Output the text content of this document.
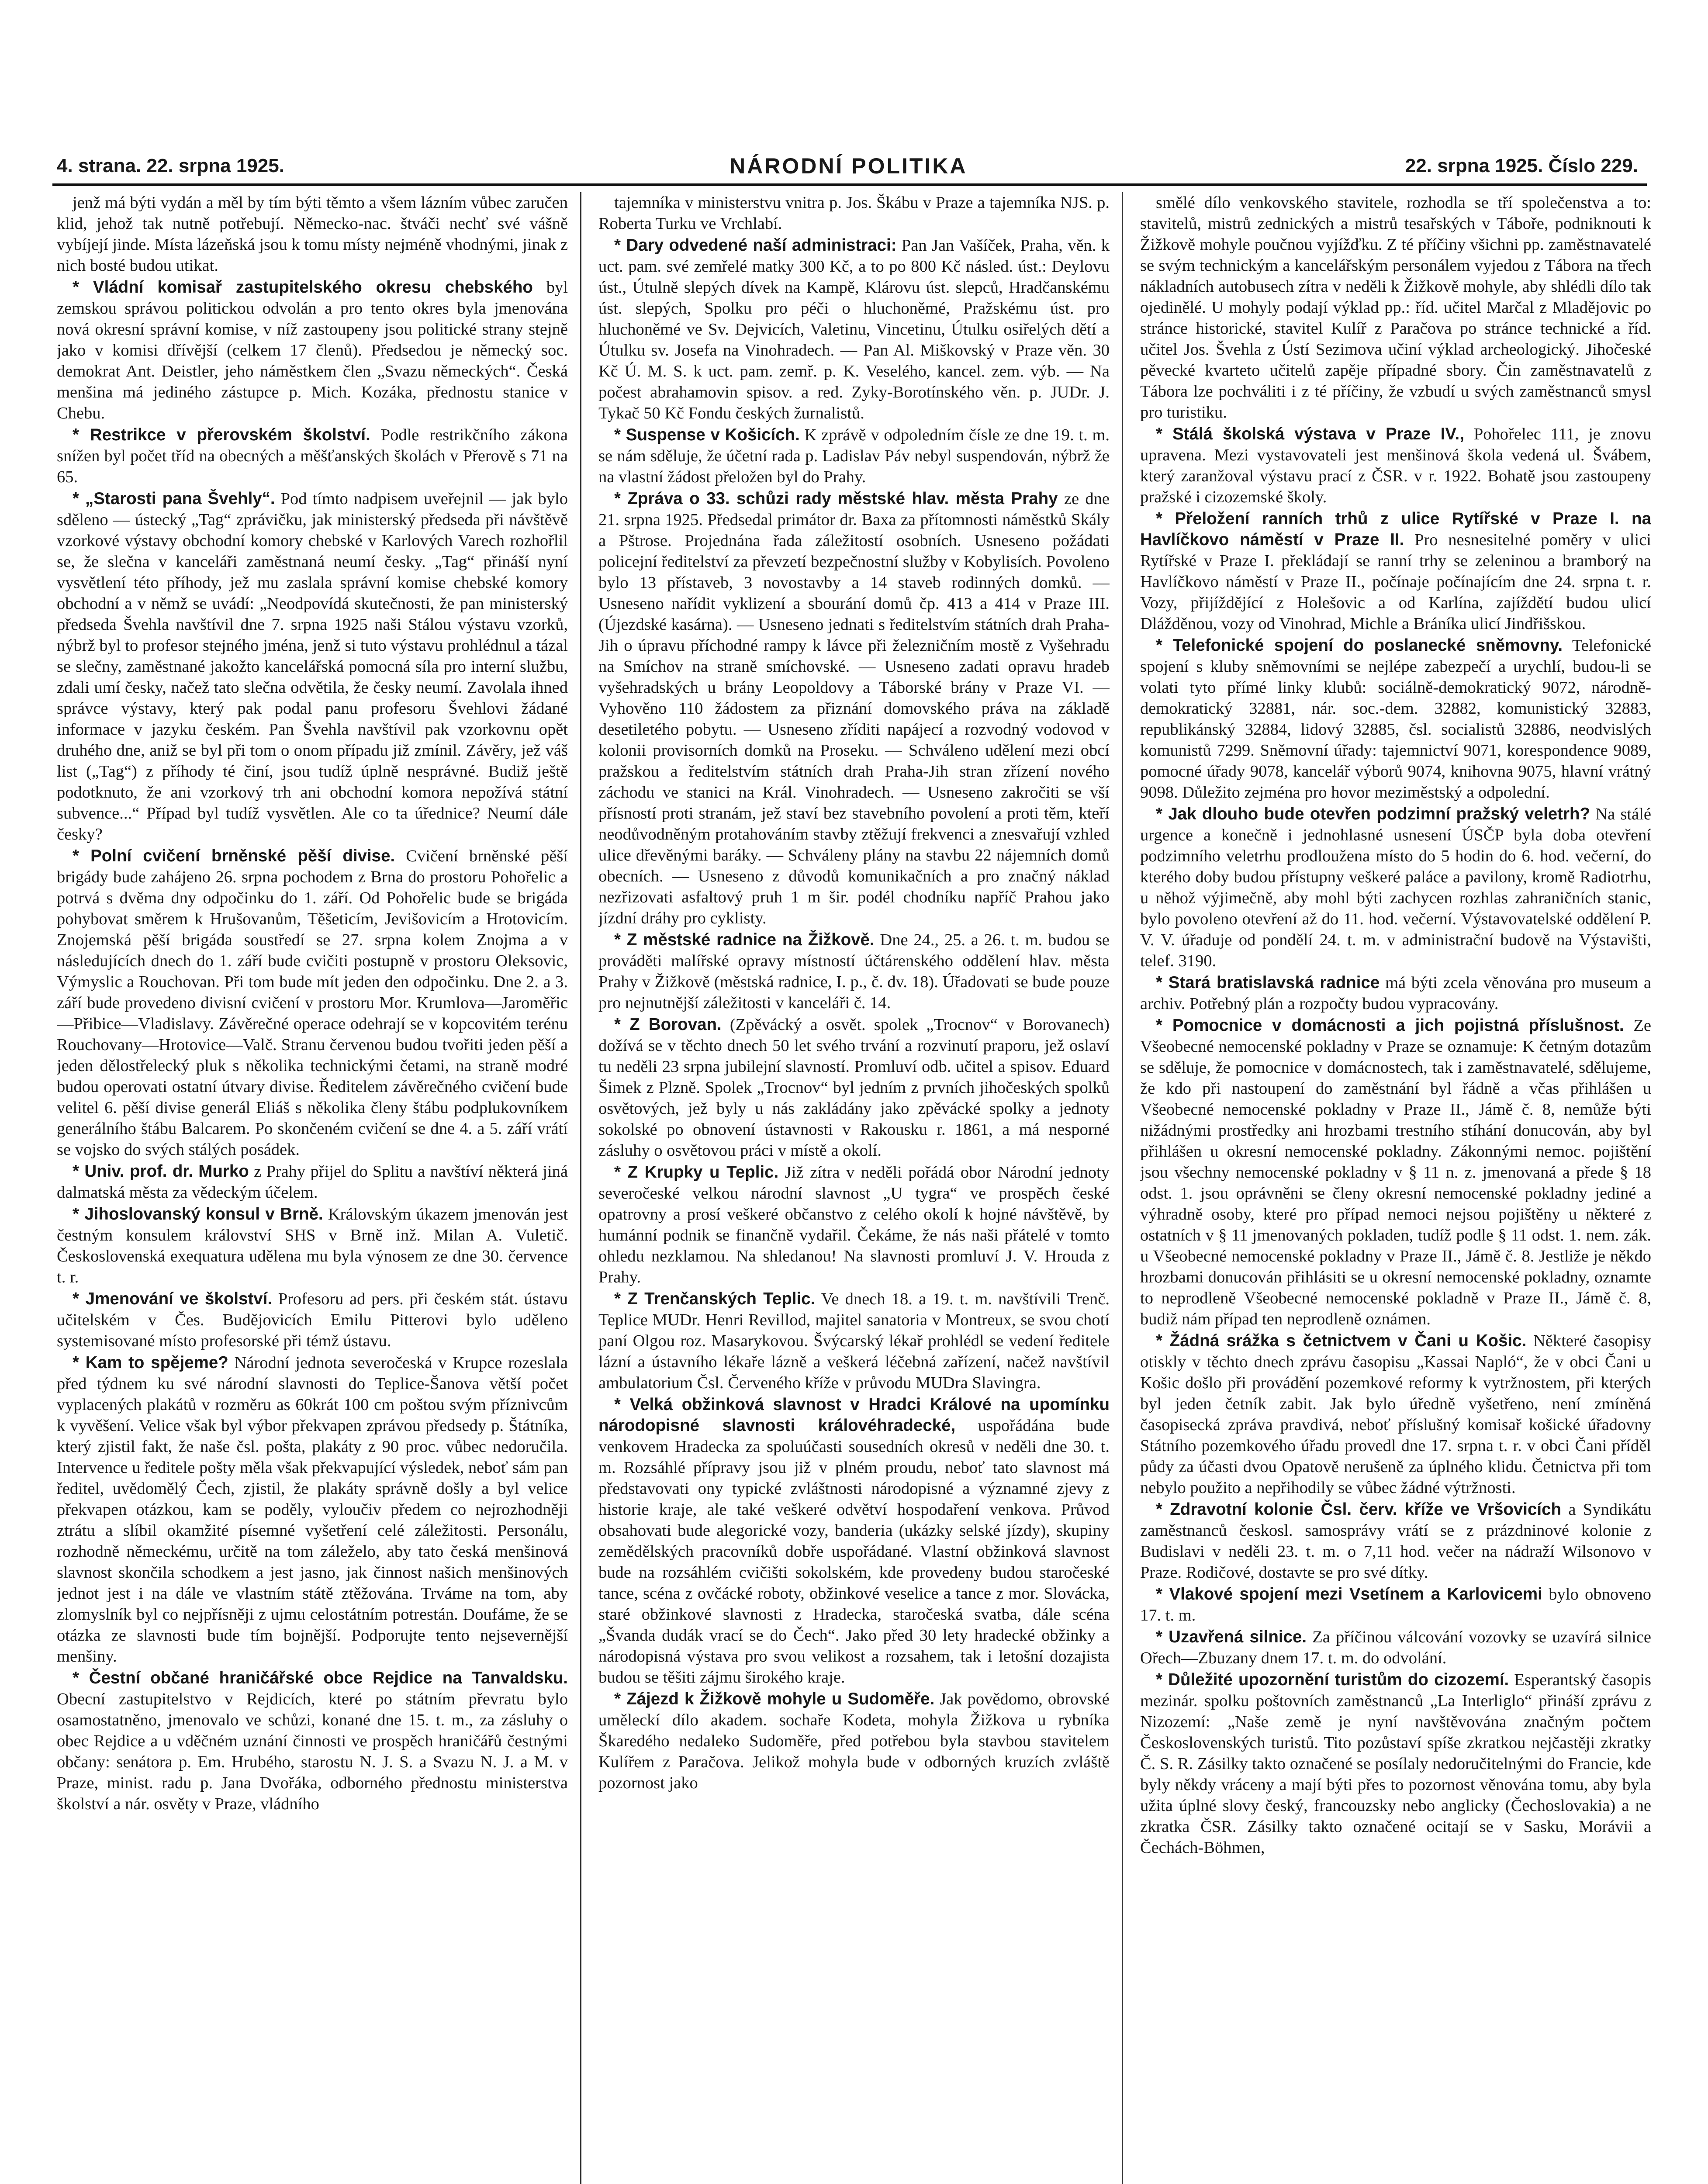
4. strana. 22. srpna 1925.	NÁRODNÍ POLITIKA	22. srpna 1925. Číslo 229.

jenž má býti vydán a měl by tím býti těmto a všem lázním vůbec zaručen klid, jehož tak nutně potřebují. Německo-nac. štváči nechť své vášně vybíjejí jinde. Místa lázeňská jsou k tomu místy nejméně vhodnými, jinak z nich bosté budou utikat.

* Vládní komisař zastupitelského okresu chebského byl zemskou správou politickou odvolán a pro tento okres byla jmenována nová okresní správní komise, v níž zastoupeny jsou politické strany stejně jako v komisi dřívější (celkem 17 členů). Předsedou je německý soc. demokrat Ant. Deistler, jeho náměstkem člen „Svazu německých“. Česká menšina má jediného zástupce p. Mich. Kozáka, přednostu stanice v Chebu.

* Restrikce v přerovském školství. Podle restrikčního zákona snížen byl počet tříd na obecných a měšťanských školách v Přerově s 71 na 65.

* „Starosti pana Švehly“. Pod tímto nadpisem uveřejnil — jak bylo sděleno — ústecký „Tag“ zprávičku, jak ministerský předseda při návštěvě vzorkové výstavy obchodní komory chebské v Karlových Varech rozhořlil se, že slečna v kanceláři zaměstnaná neumí česky. „Tag“ přináší nyní vysvětlení této příhody, jež mu zaslala správní komise chebské komory obchodní a v němž se uvádí: „Neodpovídá skutečnosti, že pan ministerský předseda Švehla navštívil dne 7. srpna 1925 naši Stálou výstavu vzorků, nýbrž byl to profesor stejného jména, jenž si tuto výstavu prohlédnul a tázal se slečny, zaměstnané jakožto kancelářská pomocná síla pro interní službu, zdali umí česky, načež tato slečna odvětila, že česky neumí. Zavolala ihned správce výstavy, který pak podal panu profesoru Švehlovi žádané informace v jazyku českém. Pan Švehla navštívil pak vzorkovnu opět druhého dne, aniž se byl při tom o onom případu již zmínil. Závěry, jež váš list („Tag“) z příhody té činí, jsou tudíž úplně nesprávné. Budiž ještě podotknuto, že ani vzorkový trh ani obchodní komora nepožívá státní subvence...“ Případ byl tudíž vysvětlen. Ale co ta úřednice? Neumí dále česky?

* Polní cvičení brněnské pěší divise. Cvičení brněnské pěší brigády bude zahájeno 26. srpna pochodem z Brna do prostoru Pohořelic a potrvá s dvěma dny odpočinku do 1. září. Od Pohořelic bude se brigáda pohybovat směrem k Hrušovanům, Těšeticím, Jevišovicím a Hrotovicím. Znojemská pěší brigáda soustředí se 27. srpna kolem Znojma a v následujících dnech do 1. září bude cvičiti postupně v prostoru Oleksovic, Výmyslic a Rouchovan. Při tom bude mít jeden den odpočinku. Dne 2. a 3. září bude provedeno divisní cvičení v prostoru Mor. Krumlova—Jaroměřic—Přibice—Vladislavy. Závěrečné operace odehrají se v kopcovitém terénu Rouchovany—Hrotovice—Valč. Stranu červenou budou tvořiti jeden pěší a jeden dělostřelecký pluk s několika technickými četami, na straně modré budou operovati ostatní útvary divise. Ředitelem závěrečného cvičení bude velitel 6. pěší divise generál Eliáš s několika členy štábu podplukovníkem generálního štábu Balcarem. Po skončeném cvičení se dne 4. a 5. září vrátí se vojsko do svých stálých posádek.

* Univ. prof. dr. Murko z Prahy přijel do Splitu a navštíví některá jiná dalmatská města za vědeckým účelem.

* Jihoslovanský konsul v Brně. Královským úkazem jmenován jest čestným konsulem království SHS v Brně inž. Milan A. Vuletič. Československá exequatura udělena mu byla výnosem ze dne 30. července t. r.

* Jmenování ve školství. Profesoru ad pers. při českém stát. ústavu učitelském v Čes. Budějovicích Emilu Pitterovi bylo uděleno systemisované místo profesorské při témž ústavu.

* Kam to spějeme? Národní jednota severočeská v Krupce rozeslala před týdnem ku své národní slavnosti do Teplice-Šanova větší počet vyplacených plakátů v rozměru as 60krát 100 cm poštou svým příznivcům k vyvěšení. Velice však byl výbor překvapen zprávou předsedy p. Štátníka, který zjistil fakt, že naše čsl. pošta, plakáty z 90 proc. vůbec nedoručila. Intervence u ředitele pošty měla však překvapující výsledek, neboť sám pan ředitel, uvědomělý Čech, zjistil, že plakáty správně došly a byl velice překvapen otázkou, kam se poděly, vyloučiv předem co nejrozhodněji ztrátu a slíbil okamžité písemné vyšetření celé záležitosti. Personálu, rozhodně německému, určitě na tom záleželo, aby tato česká menšinová slavnost skončila schodkem a jest jasno, jak činnost našich menšinových jednot jest i na dále ve vlastním státě ztěžována. Trváme na tom, aby zlomyslník byl co nejpřísněji z ujmu celostátním potrestán. Doufáme, že se otázka ze slavnosti bude tím bojnější. Podporujte tento nejsevernější menšiny.

* Čestní občané hraničářské obce Rejdice na Tanvaldsku. Obecní zastupitelstvo v Rejdicích, které po státním převratu bylo osamostatněno, jmenovalo ve schůzi, konané dne 15. t. m., za zásluhy o obec Rejdice a u vděčném uznání činnosti ve prospěch hraničářů čestnými občany: senátora p. Em. Hrubého, starostu N. J. S. a Svazu N. J. a M. v Praze, minist. radu p. Jana Dvořáka, odborného přednostu ministerstva školství a nár. osvěty v Praze, vládního

tajemníka v ministerstvu vnitra p. Jos. Škábu v Praze a tajemníka NJS. p. Roberta Turku ve Vrchlabí.

* Dary odvedené naší administraci: Pan Jan Vašíček, Praha, věn. k uct. pam. své zemřelé matky 300 Kč, a to po 800 Kč násled. úst.: Deylovu úst., Útulně slepých dívek na Kampě, Klárovu úst. slepců, Hradčanskému úst. slepých, Spolku pro péči o hluchoněmé, Pražskému úst. pro hluchoněmé ve Sv. Dejvicích, Valetinu, Vincetinu, Útulku osiřelých dětí a Útulku sv. Josefa na Vinohradech. — Pan Al. Miškovský v Praze věn. 30 Kč Ú. M. S. k uct. pam. zemř. p. K. Veselého, kancel. zem. výb. — Na počest abrahamovin spisov. a red. Zyky-Borotínského věn. p. JUDr. J. Tykač 50 Kč Fondu českých žurnalistů.

* Suspense v Košicích. K zprávě v odpoledním čísle ze dne 19. t. m. se nám sděluje, že účetní rada p. Ladislav Páv nebyl suspendován, nýbrž že na vlastní žádost přeložen byl do Prahy.

* Zpráva o 33. schůzi rady městské hlav. města Prahy ze dne 21. srpna 1925. Předsedal primátor dr. Baxa za přítomnosti náměstků Skály a Pštrose. Projednána řada záležitostí osobních. Usneseno požádati policejní ředitelství za převzetí bezpečnostní služby v Kobylisích. Povoleno bylo 13 přístaveb, 3 novostavby a 14 staveb rodinných domků. — Usneseno nařídit vyklizení a sbourání domů čp. 413 a 414 v Praze III. (Újezdské kasárna). — Usneseno jednati s ředitelstvím státních drah Praha-Jih o úpravu příchodné rampy k lávce při železničním mostě z Vyšehradu na Smíchov na straně smíchovské. — Usneseno zadati opravu hradeb vyšehradských u brány Leopoldovy a Táborské brány v Praze VI. — Vyhověno 110 žádostem za přiznání domovského práva na základě desetiletého pobytu. — Usneseno zříditi napájecí a rozvodný vodovod v kolonii provisorních domků na Proseku. — Schváleno udělení mezi obcí pražskou a ředitelstvím státních drah Praha-Jih stran zřízení nového záchodu ve stanici na Král. Vinohradech. — Usneseno zakročiti se vší přísností proti stranám, jež staví bez stavebního povolení a proti těm, kteří neodůvodněným protahováním stavby ztěžují frekvenci a znesvařují vzhled ulice dřevěnými baráky. — Schváleny plány na stavbu 22 nájemních domů obecních. — Usneseno z důvodů komunikačních a pro značný náklad nezřizovati asfaltový pruh 1 m šir. podél chodníku napříč Prahou jako jízdní dráhy pro cyklisty.

* Z městské radnice na Žižkově. Dne 24., 25. a 26. t. m. budou se prováděti malířské opravy místností účtárenského oddělení hlav. města Prahy v Žižkově (městská radnice, I. p., č. dv. 18). Úřadovati se bude pouze pro nejnutnější záležitosti v kanceláři č. 14.

* Z Borovan. (Zpěvácký a osvět. spolek „Trocnov“ v Borovanech) dožívá se v těchto dnech 50 let svého trvání a rozvinutí praporu, jež oslaví tu neděli 23 srpna jubilejní slavností. Promluví odb. učitel a spisov. Eduard Šimek z Plzně. Spolek „Trocnov“ byl jedním z prvních jihočeských spolků osvětových, jež byly u nás zakládány jako zpěvácké spolky a jednoty sokolské po obnovení ústavnosti v Rakousku r. 1861, a má nesporné zásluhy o osvětovou práci v místě a okolí.

* Z Krupky u Teplic. Již zítra v neděli pořádá obor Národní jednoty severočeské velkou národní slavnost „U tygra“ ve prospěch české opatrovny a prosí veškeré občanstvo z celého okolí k hojné návštěvě, by humánní podnik se finančně vydařil. Čekáme, že nás naši přátelé v tomto ohledu nezklamou. Na shledanou! Na slavnosti promluví J. V. Hrouda z Prahy.

* Z Trenčanských Teplic. Ve dnech 18. a 19. t. m. navštívili Trenč. Teplice MUDr. Henri Revillod, majitel sanatoria v Montreux, se svou chotí paní Olgou roz. Masarykovou. Švýcarský lékař prohlédl se vedení ředitele lázní a ústavního lékaře lázně a veškerá léčebná zařízení, načež navštívil ambulatorium Čsl. Červeného kříže v průvodu MUDra Slavingra.

* Velká obžinková slavnost v Hradci Králové na upomínku národopisné slavnosti královéhradecké, uspořádána bude venkovem Hradecka za spoluúčasti sousedních okresů v neděli dne 30. t. m. Rozsáhlé přípravy jsou již v plném proudu, neboť tato slavnost má představovati ony typické zvláštnosti národopisné a významné zjevy z historie kraje, ale také veškeré odvětví hospodaření venkova. Průvod obsahovati bude alegorické vozy, banderia (ukázky selské jízdy), skupiny zemědělských pracovníků dobře uspořádané. Vlastní obžinková slavnost bude na rozsáhlém cvičišti sokolském, kde provedeny budou staročeské tance, scéna z ovčácké roboty, obžinkové veselice a tance z mor. Slovácka, staré obžinkové slavnosti z Hradecka, staročeská svatba, dále scéna „Švanda dudák vrací se do Čech“. Jako před 30 lety hradecké obžinky a národopisná výstava pro svou velikost a rozsahem, tak i letošní dozajista budou se těšiti zájmu širokého kraje.

* Zájezd k Žižkově mohyle u Sudoměře. Jak povědomo, obrovské uměleckí dílo akadem. sochaře Kodeta, mohyla Žižkova u rybníka Škaredého nedaleko Sudoměře, před potřebou byla stavbou stavitelem Kulířem z Paračova. Jelikož mohyla bude v odborných kruzích zvláště pozornost jako

smělé dílo venkovského stavitele, rozhodla se tří společenstva a to: stavitelů, mistrů zednických a mistrů tesařských v Táboře, podniknouti k Žižkově mohyle poučnou vyjížďku. Z té příčiny všichni pp. zaměstnavatelé se svým technickým a kancelářským personálem vyjedou z Tábora na třech nákladních autobusech zítra v neděli k Žižkově mohyle, aby shlédli dílo tak ojedinělé. U mohyly podají výklad pp.: říd. učitel Marčal z Mladějovic po stránce historické, stavitel Kulíř z Paračova po stránce technické a říd. učitel Jos. Švehla z Ústí Sezimova učiní výklad archeologický. Jihočeské pěvecké kvarteto učitelů zapěje případné sbory. Čin zaměstnavatelů z Tábora lze pochváliti i z té příčiny, že vzbudí u svých zaměstnanců smysl pro turistiku.

* Stálá školská výstava v Praze IV., Pohořelec 111, je znovu upravena. Mezi vystavovateli jest menšinová škola vedená ul. Švábem, který zaranžoval výstavu prací z ČSR. v r. 1922. Bohatě jsou zastoupeny pražské i cizozemské školy.

* Přeložení ranních trhů z ulice Rytířské v Praze I. na Havlíčkovo náměstí v Praze II. Pro nesnesitelné poměry v ulici Rytířské v Praze I. překládají se ranní trhy se zeleninou a bramborý na Havlíčkovo náměstí v Praze II., počínaje počínajícím dne 24. srpna t. r. Vozy, přijíždějící z Holešovic a od Karlína, zajíždětí budou ulicí Dlážděnou, vozy od Vinohrad, Michle a Bráníka ulicí Jindřišskou.

* Telefonické spojení do poslanecké sněmovny. Telefonické spojení s kluby sněmovními se nejlépe zabezpečí a urychlí, budou-li se volati tyto přímé linky klubů: sociálně-demokratický 9072, národně-demokratický 32881, nár. soc.-dem. 32882, komunistický 32883, republikánský 32884, lidový 32885, čsl. socialistů 32886, neodvislých komunistů 7299. Sněmovní úřady: tajemnictví 9071, korespondence 9089, pomocné úřady 9078, kancelář výborů 9074, knihovna 9075, hlavní vrátný 9098. Důležito zejména pro hovor meziměstský a odpolední.

* Jak dlouho bude otevřen podzimní pražský veletrh? Na stálé urgence a konečně i jednohlasné usnesení ÚSČP byla doba otevření podzimního veletrhu prodloužena místo do 5 hodin do 6. hod. večerní, do kterého doby budou přístupny veškeré paláce a pavilony, kromě Radiotrhu, u něhož výjimečně, aby mohl býti zachycen rozhlas zahraničních stanic, bylo povoleno otevření až do 11. hod. večerní. Výstavovatelské oddělení P. V. V. úřaduje od pondělí 24. t. m. v administrační budově na Výstavišti, telef. 3190.

* Stará bratislavská radnice má býti zcela věnována pro museum a archiv. Potřebný plán a rozpočty budou vypracovány.

* Pomocnice v domácnosti a jich pojistná příslušnost. Ze Všeobecné nemocenské pokladny v Praze se oznamuje: K četným dotazům se sděluje, že pomocnice v domácnostech, tak i zaměstnavatelé, sdělujeme, že kdo při nastoupení do zaměstnání byl řádně a včas přihlášen u Všeobecné nemocenské pokladny v Praze II., Jámě č. 8, nemůže býti nižádnými prostředky ani hrozbami trestního stíhání donucován, aby byl přihlášen u okresní nemocenské pokladny. Zákonnými nemoc. pojištění jsou všechny nemocenské pokladny v § 11 n. z. jmenovaná a přede § 18 odst. 1. jsou oprávněni se členy okresní nemocenské pokladny jediné a výhradně osoby, které pro případ nemoci nejsou pojištěny u některé z ostatních v § 11 jmenovaných pokladen, tudíž podle § 11 odst. 1. nem. zák. u Všeobecné nemocenské pokladny v Praze II., Jámě č. 8. Jestliže je někdo hrozbami donucován přihlásiti se u okresní nemocenské pokladny, oznamte to neprodleně Všeobecné nemocenské pokladně v Praze II., Jámě č. 8, budiž nám případ ten neprodleně oznámen.

* Žádná srážka s četnictvem v Čani u Košic. Některé časopisy otiskly v těchto dnech zprávu časopisu „Kassai Napló“, že v obci Čani u Košic došlo při provádění pozemkové reformy k vytržnostem, při kterých byl jeden četník zabit. Jak bylo úředně vyšetřeno, není zmíněná časopisecká zpráva pravdivá, neboť příslušný komisař košické úřadovny Státního pozemkového úřadu provedl dne 17. srpna t. r. v obci Čani příděl půdy za účasti dvou Opatově nerušeně za úplného klidu. Četnictva při tom nebylo použito a nepřihodily se vůbec žádné výtržnosti.

* Zdravotní kolonie Čsl. červ. kříže ve Vršovicích a Syndikátu zaměstnanců českosl. samosprávy vrátí se z prázdninové kolonie z Budislavi v neděli 23. t. m. o 7,11 hod. večer na nádraží Wilsonovo v Praze. Rodičové, dostavte se pro své dítky.

* Vlakové spojení mezi Vsetínem a Karlovicemi bylo obnoveno 17. t. m.

* Uzavřená silnice. Za příčinou válcování vozovky se uzavírá silnice Ořech—Zbuzany dnem 17. t. m. do odvolání.

* Důležité upozornění turistům do cizozemí. Esperantský časopis mezinár. spolku poštovních zaměstnanců „La Interliglo“ přináší zprávu z Nizozemí: „Naše země je nyní navštěvována značným počtem Československých turistů. Tito pozůstaví spíše zkratkou nejčastěji zkratky Č. S. R. Zásilky takto označené se posílaly nedoručitelnými do Francie, kde byly někdy vráceny a mají býti přes to pozornost věnována tomu, aby byla užita úplné slovy český, francouzsky nebo anglicky (Čechoslovakia) a ne zkratka ČSR. Zásilky takto označené ocitají se v Sasku, Morávii a Čechách-Böhmen,
